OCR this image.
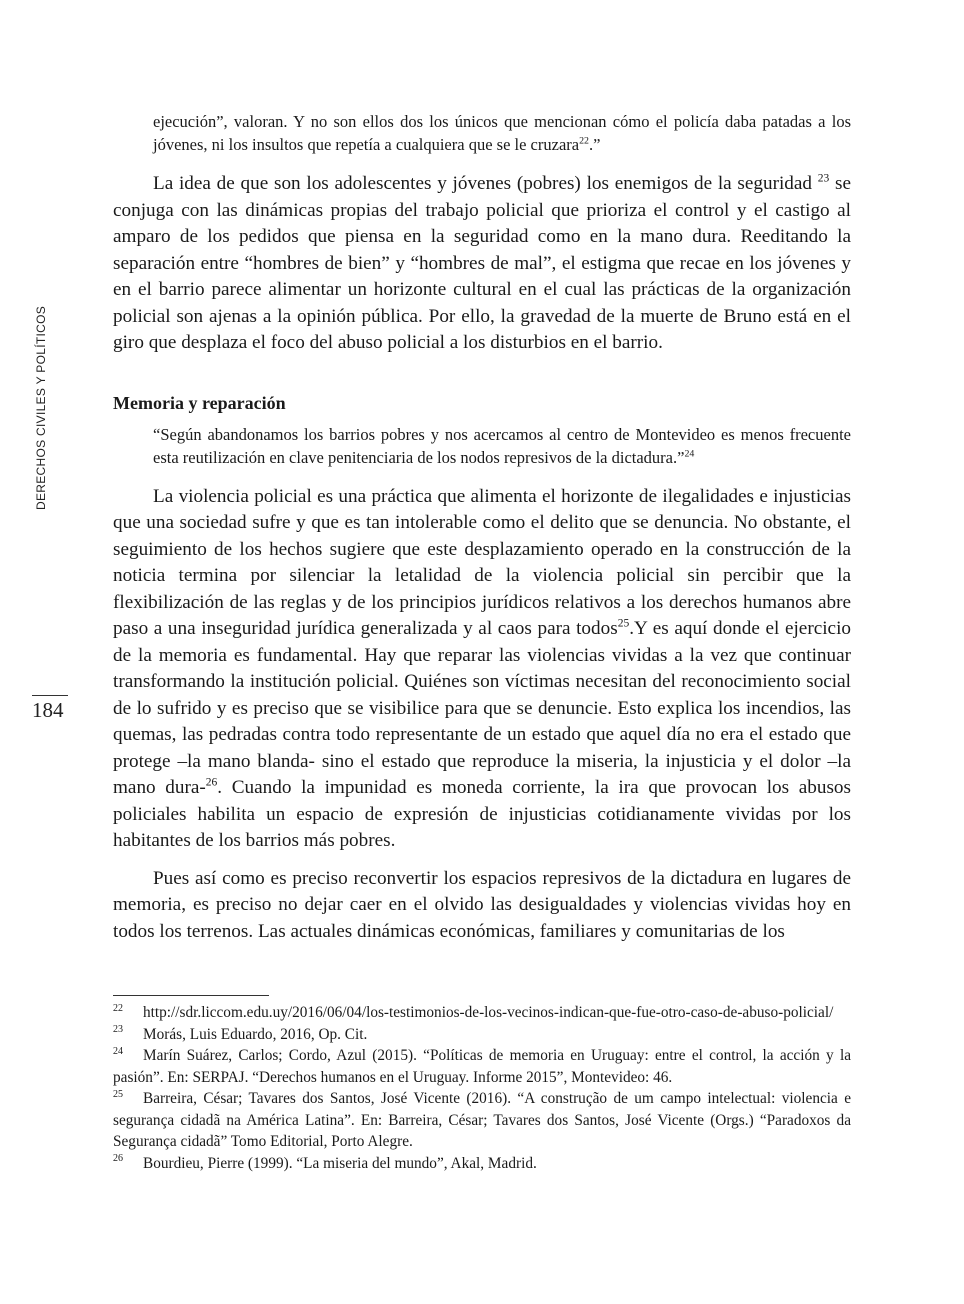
DERECHOS CIVILES Y POLÍTICOS
184

ejecución”, valoran. Y no son ellos dos los únicos que mencionan cómo el policía daba patadas a los jóvenes, ni los insultos que repetía a cualquiera que se le cruzara$^{22}$.”

La idea de que son los adolescentes y jóvenes (pobres) los enemigos de la seguridad $^{23}$ se conjuga con las dinámicas propias del trabajo policial que prioriza el control y el castigo al amparo de los pedidos que piensa en la seguridad como en la mano dura. Reeditando la separación entre “hombres de bien” y “hombres de mal”, el estigma que recae en los jóvenes y en el barrio parece alimentar un horizonte cultural en el cual las prácticas de la organización policial son ajenas a la opinión pública. Por ello, la gravedad de la muerte de Bruno está en el giro que desplaza el foco del abuso policial a los disturbios en el barrio.

Memoria y reparación

“Según abandonamos los barrios pobres y nos acercamos al centro de Montevideo es menos frecuente esta reutilización en clave penitenciaria de los nodos represivos de la dictadura.”$^{24}$

La violencia policial es una práctica que alimenta el horizonte de ilegalidades e injusticias que una sociedad sufre y que es tan intolerable como el delito que se denuncia. No obstante, el seguimiento de los hechos sugiere que este desplazamiento operado en la construcción de la noticia termina por silenciar la letalidad de la violencia policial sin percibir que la flexibilización de las reglas y de los principios jurídicos relativos a los derechos humanos abre paso a una inseguridad jurídica generalizada y al caos para todos$^{25}$.Y es aquí donde el ejercicio de la memoria es fundamental. Hay que reparar las violencias vividas a la vez que continuar transformando la institución policial. Quiénes son víctimas necesitan del reconocimiento social de lo sufrido y es preciso que se visibilice para que se denuncie. Esto explica los incendios, las quemas, las pedradas contra todo representante de un estado que aquel día no era el estado que protege –la mano blanda- sino el estado que reproduce la miseria, la injusticia y el dolor –la mano dura-$^{26}$. Cuando la impunidad es moneda corriente, la ira que provocan los abusos policiales habilita un espacio de expresión de injusticias cotidianamente vividas por los habitantes de los barrios más pobres.

Pues así como es preciso reconvertir los espacios represivos de la dictadura en lugares de memoria, es preciso no dejar caer en el olvido las desigualdades y violencias vividas hoy en todos los terrenos. Las actuales dinámicas económicas, familiares y comunitarias de los

22 http://sdr.liccom.edu.uy/2016/06/04/los-testimonios-de-los-vecinos-indican-que-fue-otro-caso-de-abuso-policial/

23 Morás, Luis Eduardo, 2016, Op. Cit.

24 Marín Suárez, Carlos; Cordo, Azul (2015). “Políticas de memoria en Uruguay: entre el control, la acción y la pasión”. En: SERPAJ. “Derechos humanos en el Uruguay. Informe 2015”, Montevideo: 46.

25 Barreira, César; Tavares dos Santos, José Vicente (2016). “A construção de um campo intelectual: violencia e segurança cidadã na América Latina”. En: Barreira, César; Tavares dos Santos, José Vicente (Orgs.) “Paradoxos da Segurança cidadã” Tomo Editorial, Porto Alegre.

26 Bourdieu, Pierre (1999). “La miseria del mundo”, Akal, Madrid.
